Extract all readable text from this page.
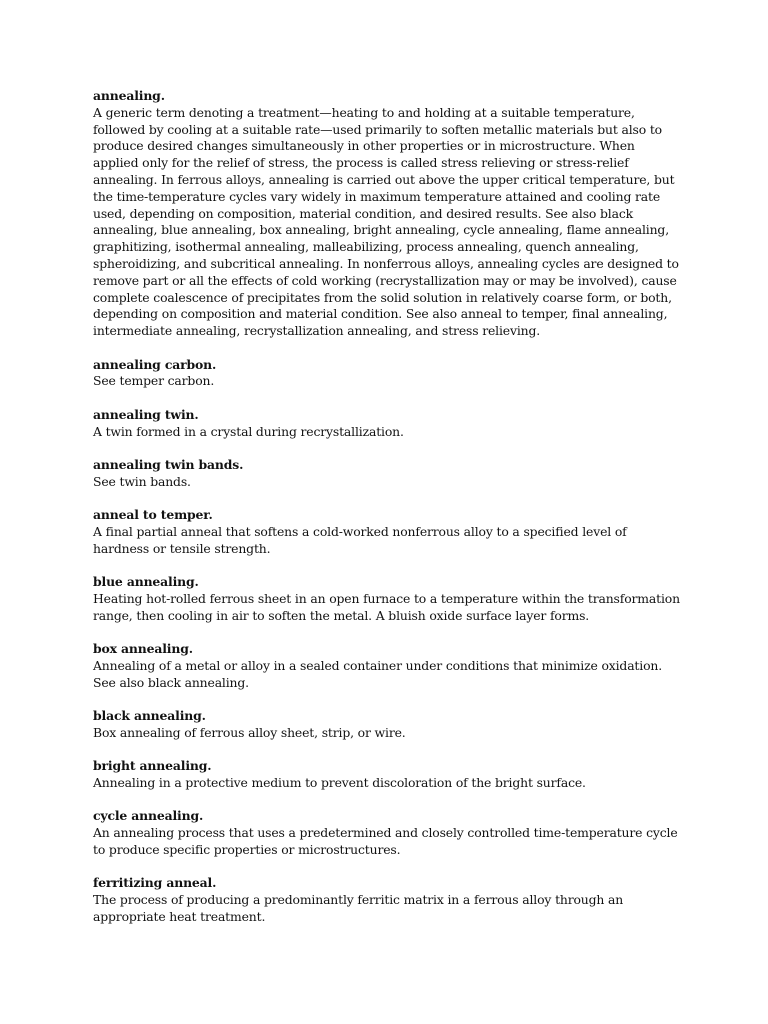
annealing.
A generic term denoting a treatment—heating to and holding at a suitable temperature, followed by cooling at a suitable rate—used primarily to soften metallic materials but also to produce desired changes simultaneously in other properties or in microstructure. When applied only for the relief of stress, the process is called stress relieving or stress-relief annealing. In ferrous alloys, annealing is carried out above the upper critical temperature, but the time-temperature cycles vary widely in maximum temperature attained and cooling rate used, depending on composition, material condition, and desired results. See also black annealing, blue annealing, box annealing, bright annealing, cycle annealing, flame annealing, graphitizing, isothermal annealing, malleabilizing, process annealing, quench annealing, spheroidizing, and subcritical annealing. In nonferrous alloys, annealing cycles are designed to remove part or all the effects of cold working (recrystallization may or may be involved), cause complete coalescence of precipitates from the solid solution in relatively coarse form, or both, depending on composition and material condition. See also anneal to temper, final annealing, intermediate annealing, recrystallization annealing, and stress relieving.
annealing carbon.
See temper carbon.
annealing twin.
A twin formed in a crystal during recrystallization.
annealing twin bands.
See twin bands.
anneal to temper.
A final partial anneal that softens a cold-worked nonferrous alloy to a specified level of hardness or tensile strength.
blue annealing.
Heating hot-rolled ferrous sheet in an open furnace to a temperature within the transformation range, then cooling in air to soften the metal. A bluish oxide surface layer forms.
box annealing.
Annealing of a metal or alloy in a sealed container under conditions that minimize oxidation. See also black annealing.
black annealing.
Box annealing of ferrous alloy sheet, strip, or wire.
bright annealing.
Annealing in a protective medium to prevent discoloration of the bright surface.
cycle annealing.
An annealing process that uses a predetermined and closely controlled time-temperature cycle to produce specific properties or microstructures.
ferritizing anneal.
The process of producing a predominantly ferritic matrix in a ferrous alloy through an appropriate heat treatment.
